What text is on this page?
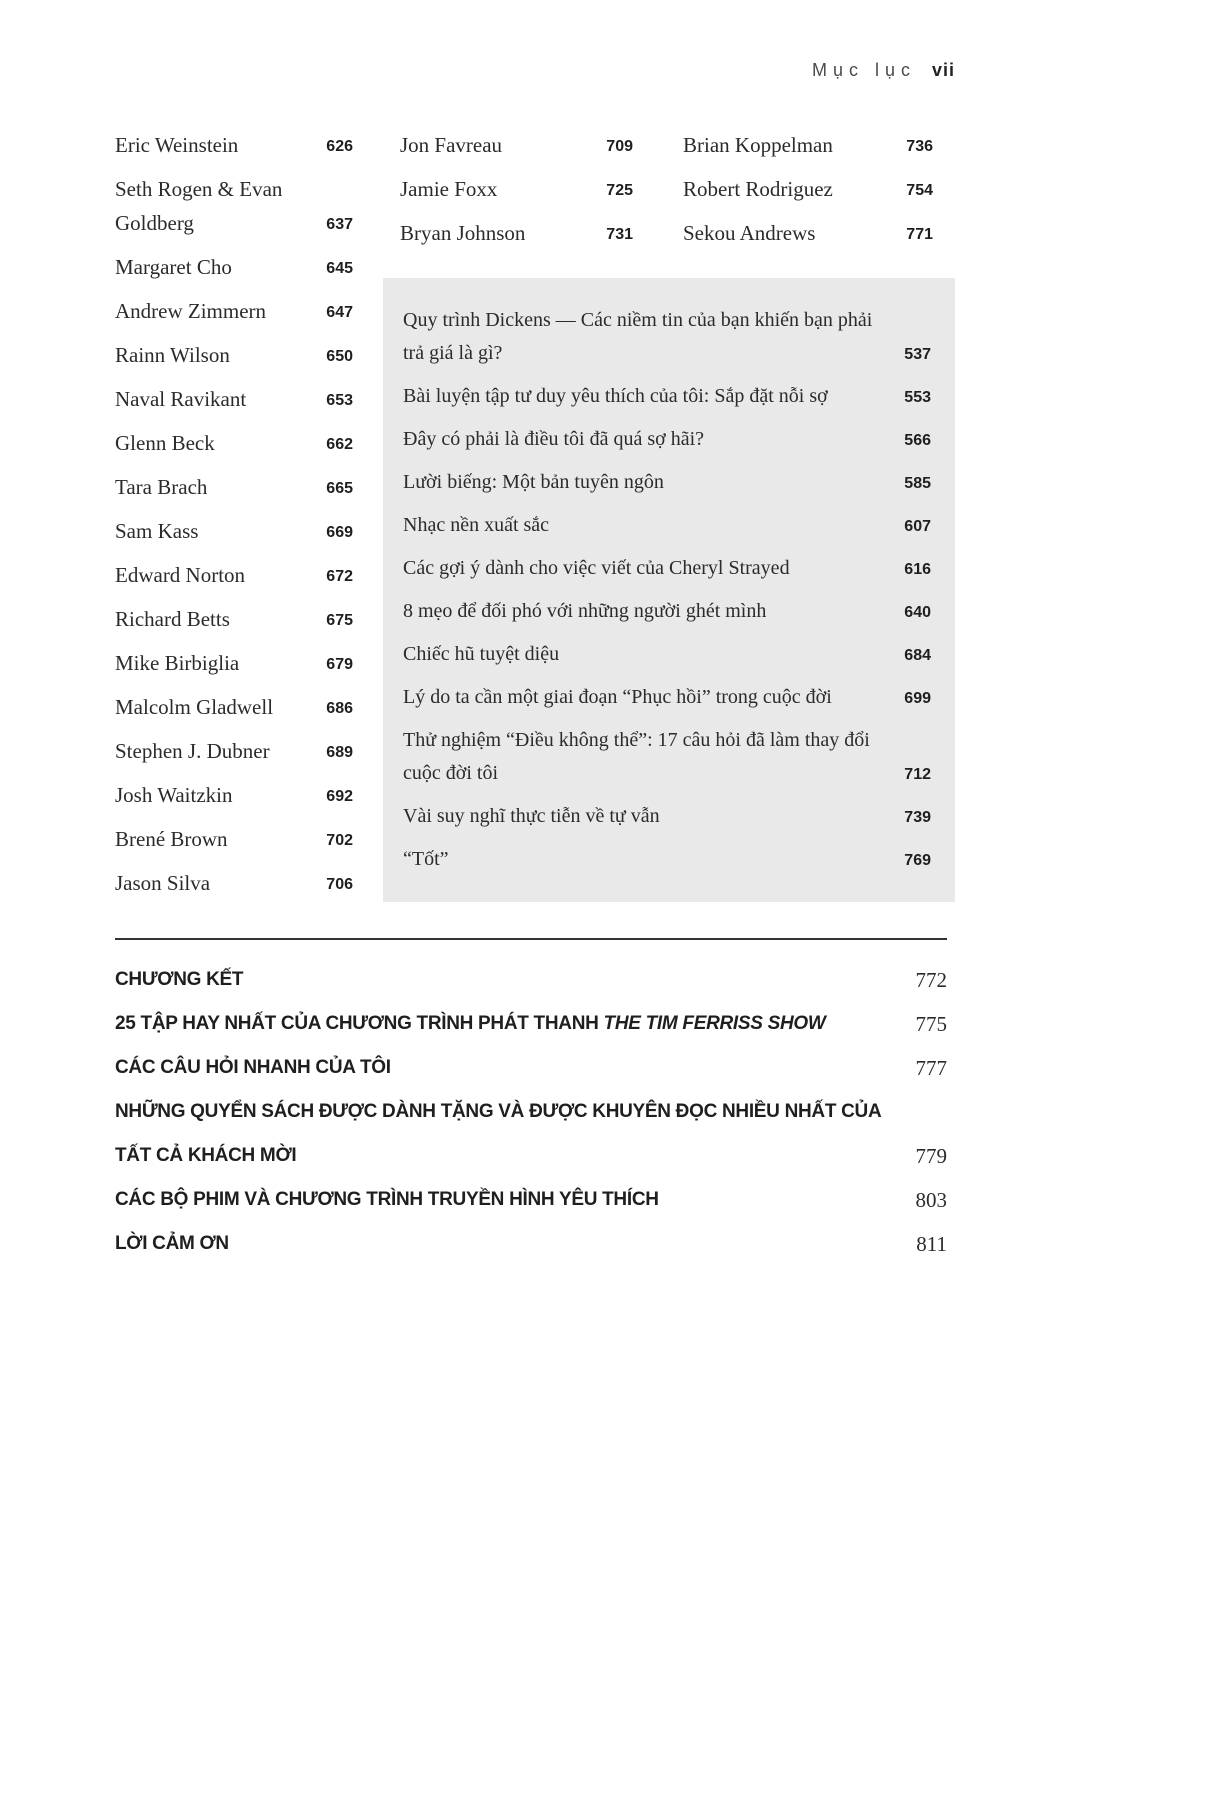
Mục lục vii
Eric Weinstein	626
Seth Rogen & Evan Goldberg	637
Margaret Cho	645
Andrew Zimmern	647
Rainn Wilson	650
Naval Ravikant	653
Glenn Beck	662
Tara Brach	665
Sam Kass	669
Edward Norton	672
Richard Betts	675
Mike Birbiglia	679
Malcolm Gladwell	686
Stephen J. Dubner	689
Josh Waitzkin	692
Brené Brown	702
Jason Silva	706
Jon Favreau	709
Jamie Foxx	725
Bryan Johnson	731
Brian Koppelman	736
Robert Rodriguez	754
Sekou Andrews	771
Quy trình Dickens — Các niềm tin của bạn khiến bạn phải trả giá là gì?	537
Bài luyện tập tư duy yêu thích của tôi: Sắp đặt nỗi sợ	553
Đây có phải là điều tôi đã quá sợ hãi?	566
Lười biếng: Một bản tuyên ngôn	585
Nhạc nền xuất sắc	607
Các gợi ý dành cho việc viết của Cheryl Strayed	616
8 mẹo để đối phó với những người ghét mình	640
Chiếc hũ tuyệt diệu	684
Lý do ta cần một giai đoạn “Phục hồi” trong cuộc đời	699
Thử nghiệm “Điều không thể”: 17 câu hỏi đã làm thay đổi cuộc đời tôi	712
Vài suy nghĩ thực tiễn về tự vẫn	739
“Tốt”	769
CHƯƠNG KẾT	772
25 TẬP HAY NHẤT CỦA CHƯƠNG TRÌNH PHÁT THANH THE TIM FERRISS SHOW	775
CÁC CÂU HỎI NHANH CỦA TÔI	777
NHỮNG QUYỂN SÁCH ĐƯỢC DÀNH TẶNG VÀ ĐƯỢC KHUYÊN ĐỌC NHIỀU NHẤT CỦA TẤT CẢ KHÁCH MỜI	779
CÁC BỘ PHIM VÀ CHƯƠNG TRÌNH TRUYỀN HÌNH YÊU THÍCH	803
LỜI CẢM ƠN	811
